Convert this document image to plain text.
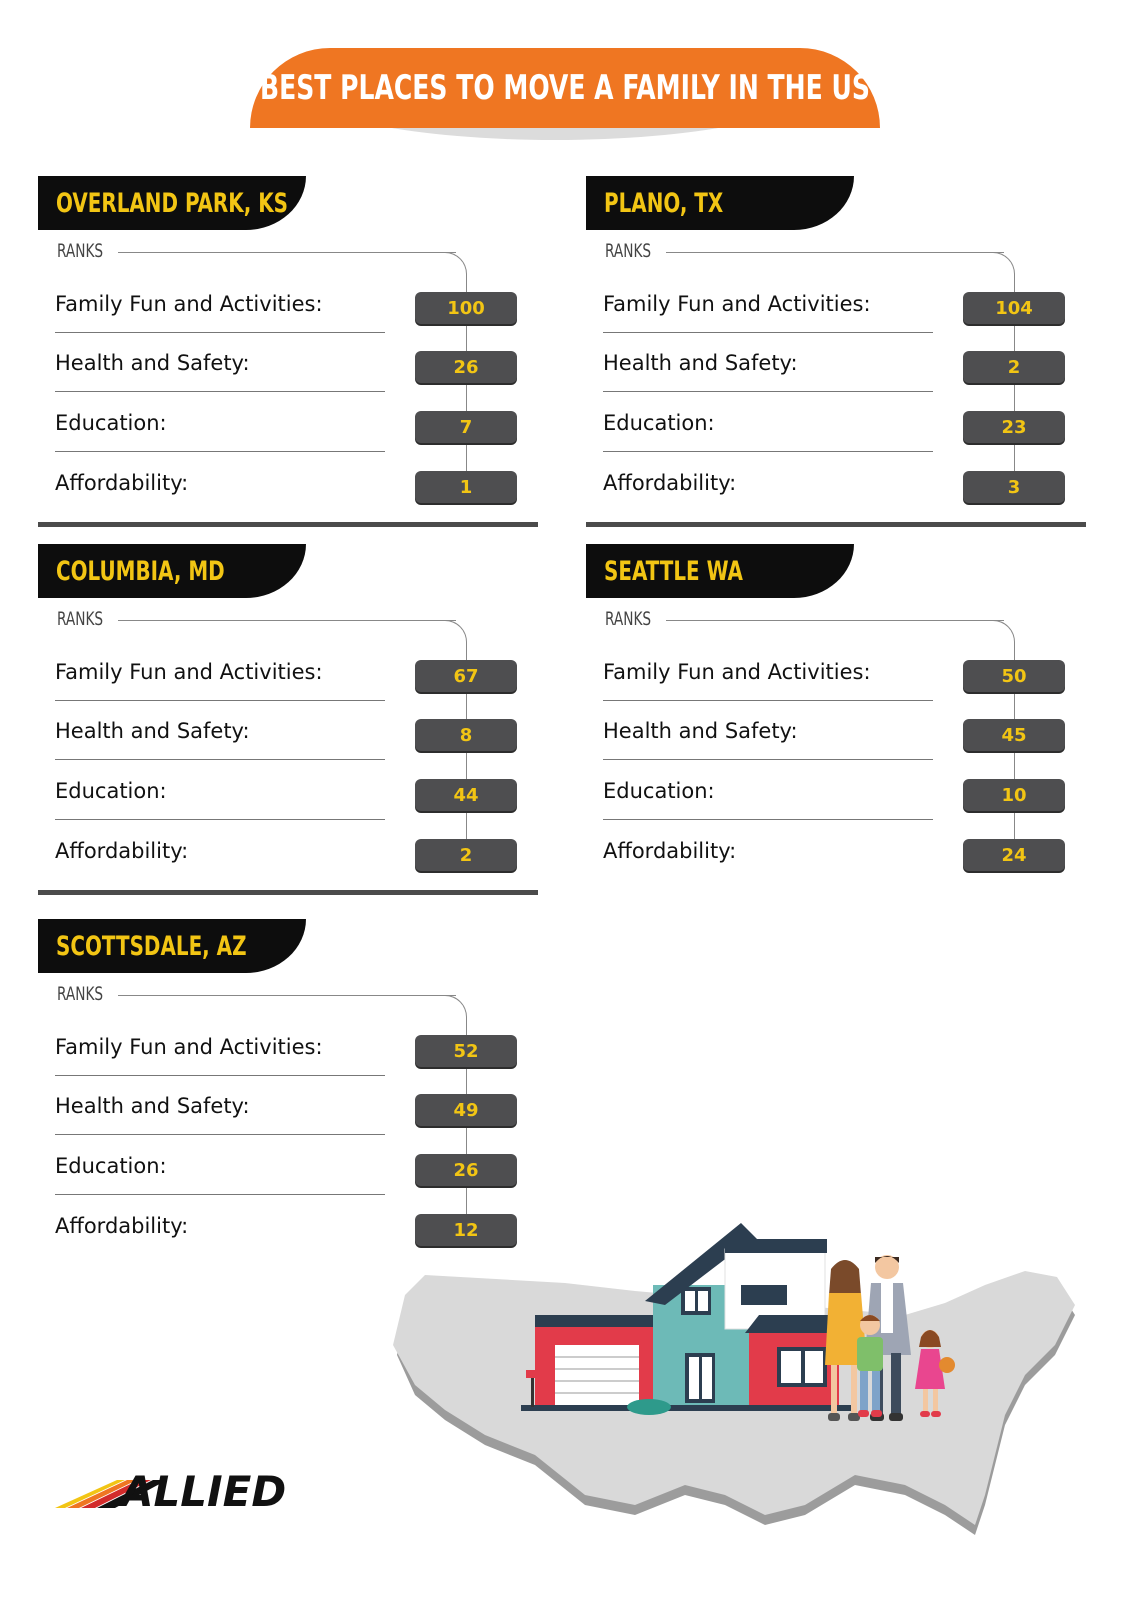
BEST PLACES TO MOVE A FAMILY IN THE US
OVERLAND PARK, KS
RANKS
Family Fun and Activities:	100
Health and Safety:	26
Education:	7
Affordability:	1
PLANO, TX
RANKS
Family Fun and Activities:	104
Health and Safety:	2
Education:	23
Affordability:	3
COLUMBIA, MD
RANKS
Family Fun and Activities:	67
Health and Safety:	8
Education:	44
Affordability:	2
SEATTLE WA
RANKS
Family Fun and Activities:	50
Health and Safety:	45
Education:	10
Affordability:	24
SCOTTSDALE, AZ
RANKS
Family Fun and Activities:	52
Health and Safety:	49
Education:	26
Affordability:	12
ALLIED
